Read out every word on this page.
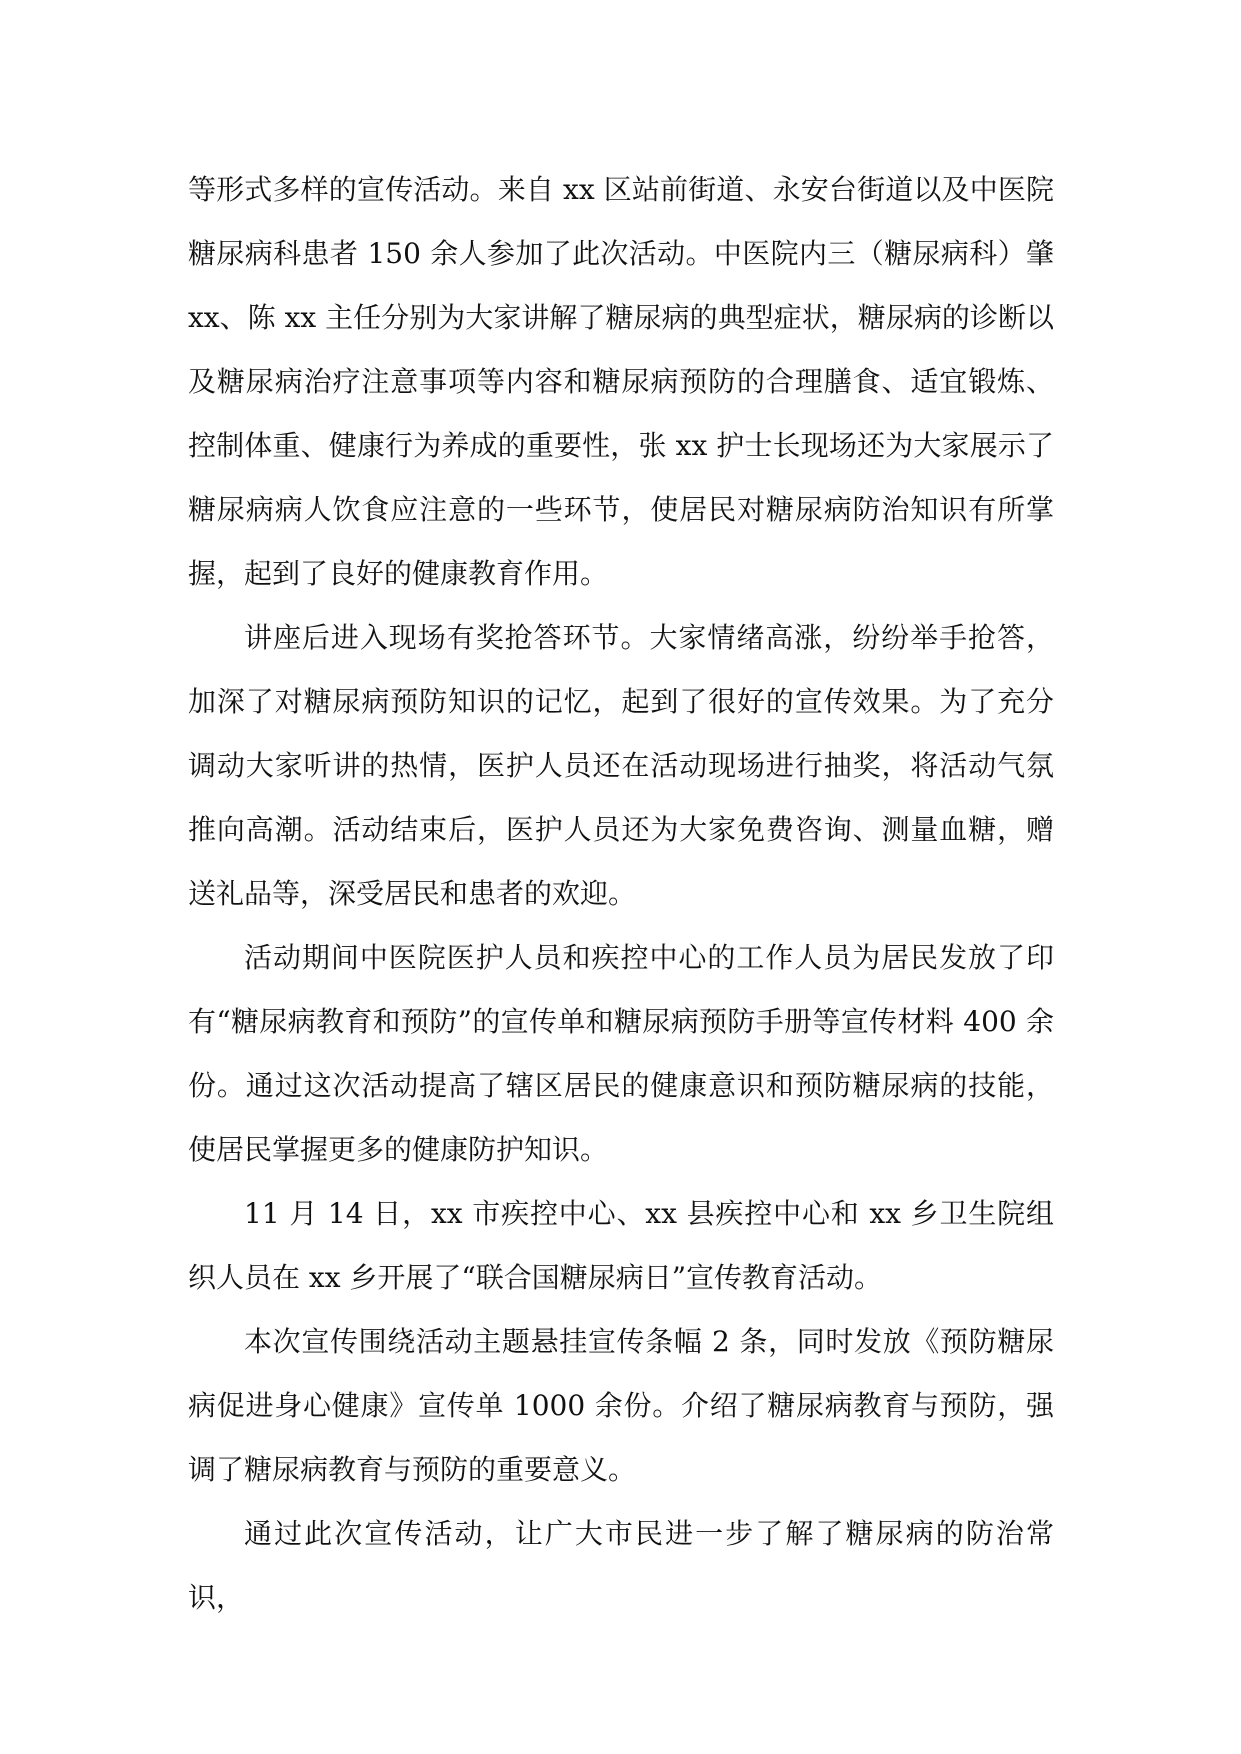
等形式多样的宣传活动。来自 xx 区站前街道、永安台街道以及中医院糖尿病科患者 150 余人参加了此次活动。中医院内三（糖尿病科）肇 xx、陈 xx 主任分别为大家讲解了糖尿病的典型症状，糖尿病的诊断以及糖尿病治疗注意事项等内容和糖尿病预防的合理膳食、适宜锻炼、控制体重、健康行为养成的重要性，张 xx 护士长现场还为大家展示了糖尿病病人饮食应注意的一些环节，使居民对糖尿病防治知识有所掌握，起到了良好的健康教育作用。

讲座后进入现场有奖抢答环节。大家情绪高涨，纷纷举手抢答，加深了对糖尿病预防知识的记忆，起到了很好的宣传效果。为了充分调动大家听讲的热情，医护人员还在活动现场进行抽奖，将活动气氛推向高潮。活动结束后，医护人员还为大家免费咨询、测量血糖，赠送礼品等，深受居民和患者的欢迎。

活动期间中医院医护人员和疾控中心的工作人员为居民发放了印有“糖尿病教育和预防”的宣传单和糖尿病预防手册等宣传材料 400 余份。通过这次活动提高了辖区居民的健康意识和预防糖尿病的技能，使居民掌握更多的健康防护知识。

11 月 14 日，xx 市疾控中心、xx 县疾控中心和 xx 乡卫生院组织人员在 xx 乡开展了“联合国糖尿病日”宣传教育活动。

本次宣传围绕活动主题悬挂宣传条幅 2 条，同时发放《预防糖尿病促进身心健康》宣传单 1000 余份。介绍了糖尿病教育与预防，强调了糖尿病教育与预防的重要意义。

通过此次宣传活动，让广大市民进一步了解了糖尿病的防治常识，
